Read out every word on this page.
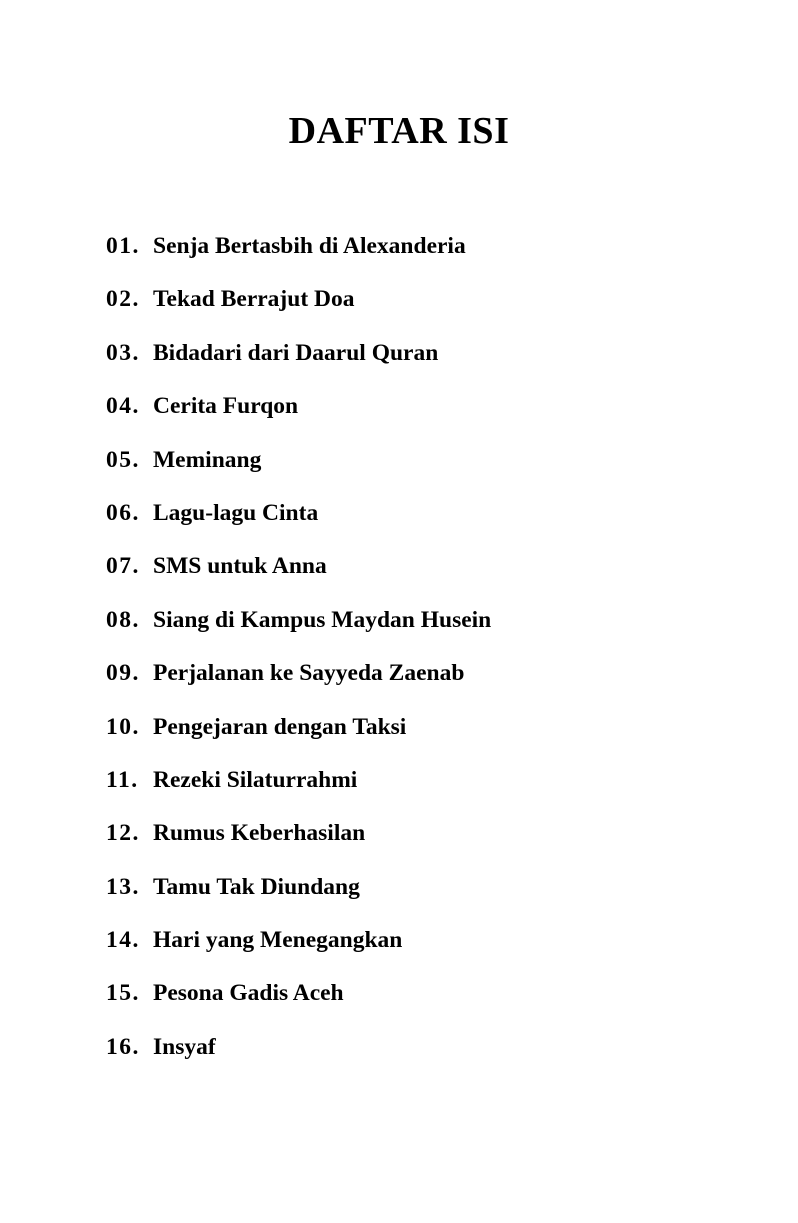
DAFTAR ISI
01. Senja Bertasbih di Alexanderia
02. Tekad Berrajut Doa
03. Bidadari dari Daarul Quran
04. Cerita Furqon
05. Meminang
06. Lagu-lagu Cinta
07. SMS untuk Anna
08. Siang di Kampus Maydan Husein
09. Perjalanan ke Sayyeda Zaenab
10. Pengejaran dengan Taksi
11. Rezeki Silaturrahmi
12. Rumus Keberhasilan
13. Tamu Tak Diundang
14. Hari yang Menegangkan
15. Pesona Gadis Aceh
16. Insyaf
